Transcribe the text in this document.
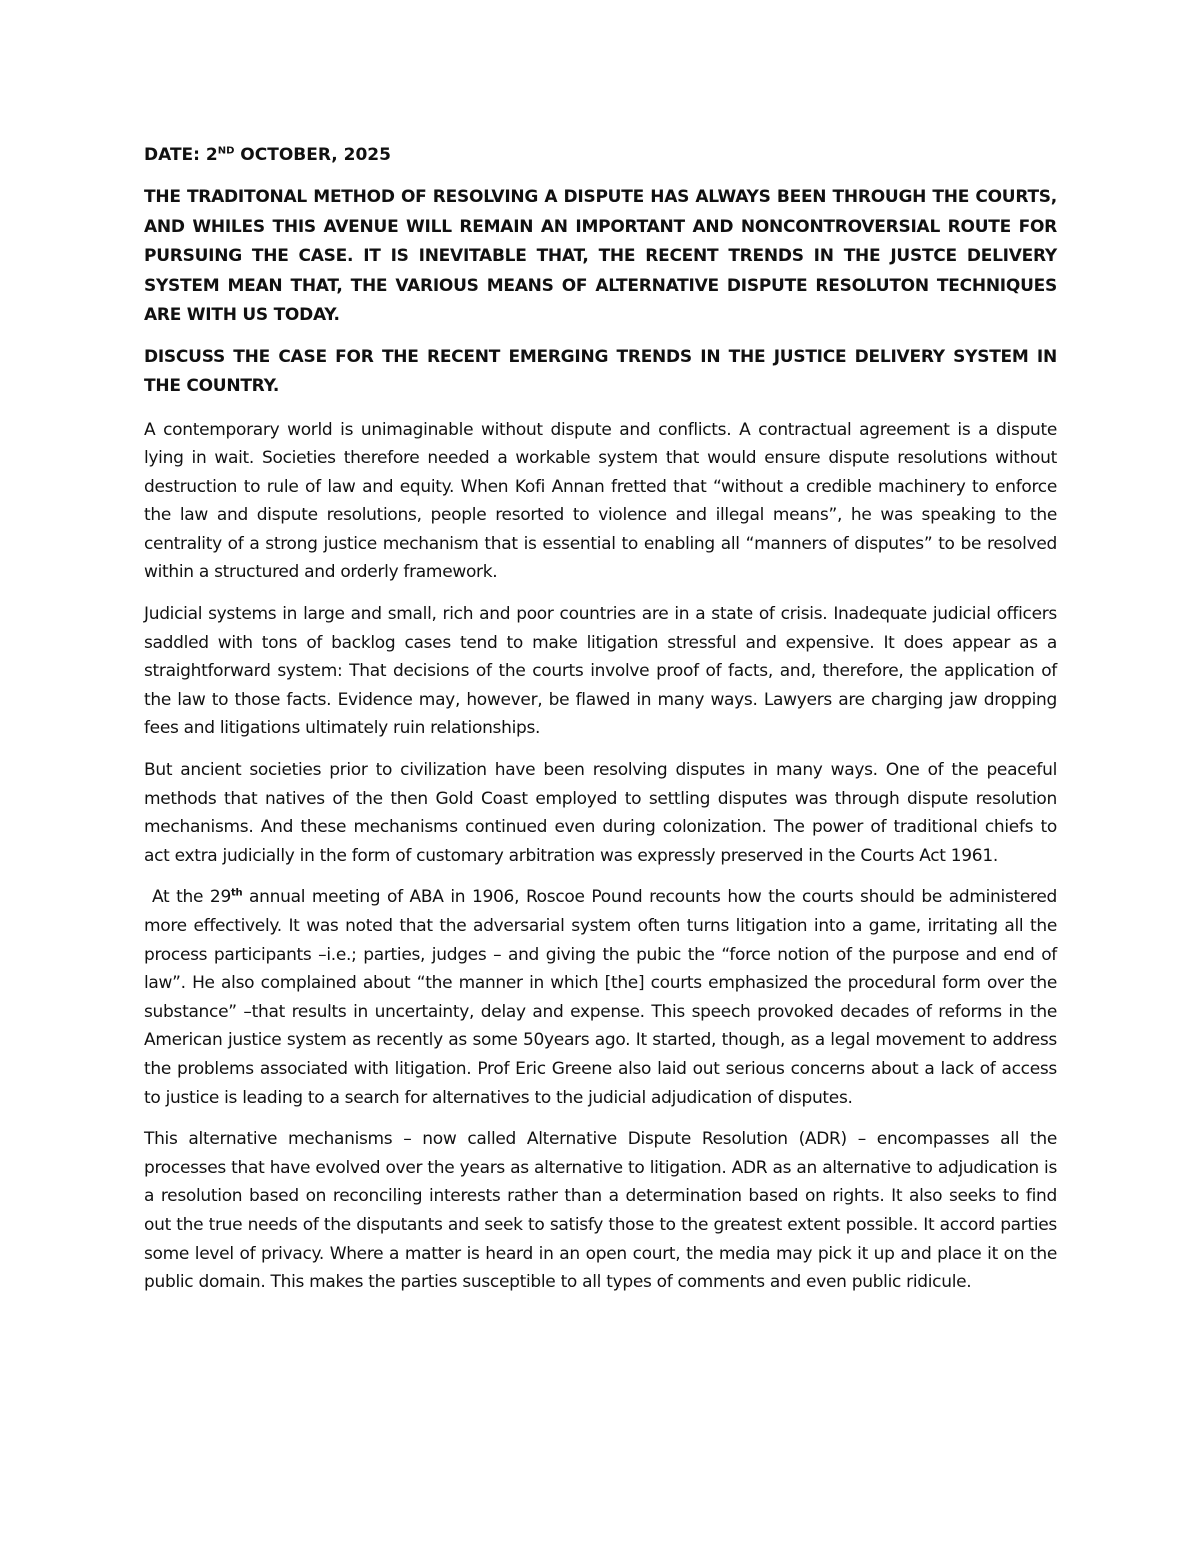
DATE: 2ND OCTOBER, 2025

THE TRADITONAL METHOD OF RESOLVING A DISPUTE HAS ALWAYS BEEN THROUGH THE COURTS, AND WHILES THIS AVENUE WILL REMAIN AN IMPORTANT AND NONCONTROVERSIAL ROUTE FOR PURSUING THE CASE. IT IS INEVITABLE THAT, THE RECENT TRENDS IN THE JUSTCE DELIVERY SYSTEM MEAN THAT, THE VARIOUS MEANS OF ALTERNATIVE DISPUTE RESOLUTON TECHNIQUES ARE WITH US TODAY.

DISCUSS THE CASE FOR THE RECENT EMERGING TRENDS IN THE JUSTICE DELIVERY SYSTEM IN THE COUNTRY.

A contemporary world is unimaginable without dispute and conflicts. A contractual agreement is a dispute lying in wait. Societies therefore needed a workable system that would ensure dispute resolutions without destruction to rule of law and equity. When Kofi Annan fretted that “without a credible machinery to enforce the law and dispute resolutions, people resorted to violence and illegal means”, he was speaking to the centrality of a strong justice mechanism that is essential to enabling all “manners of disputes” to be resolved within a structured and orderly framework.

Judicial systems in large and small, rich and poor countries are in a state of crisis. Inadequate judicial officers saddled with tons of backlog cases tend to make litigation stressful and expensive. It does appear as a straightforward system: That decisions of the courts involve proof of facts, and, therefore, the application of the law to those facts. Evidence may, however, be flawed in many ways. Lawyers are charging jaw dropping fees and litigations ultimately ruin relationships.

But ancient societies prior to civilization have been resolving disputes in many ways. One of the peaceful methods that natives of the then Gold Coast employed to settling disputes was through dispute resolution mechanisms. And these mechanisms continued even during colonization. The power of traditional chiefs to act extra judicially in the form of customary arbitration was expressly preserved in the Courts Act 1961.

At the 29th annual meeting of ABA in 1906, Roscoe Pound recounts how the courts should be administered more effectively. It was noted that the adversarial system often turns litigation into a game, irritating all the process participants –i.e.; parties, judges – and giving the pubic the “force notion of the purpose and end of law”. He also complained about “the manner in which [the] courts emphasized the procedural form over the substance” –that results in uncertainty, delay and expense. This speech provoked decades of reforms in the American justice system as recently as some 50years ago. It started, though, as a legal movement to address the problems associated with litigation. Prof Eric Greene also laid out serious concerns about a lack of access to justice is leading to a search for alternatives to the judicial adjudication of disputes.

This alternative mechanisms – now called Alternative Dispute Resolution (ADR) – encompasses all the processes that have evolved over the years as alternative to litigation. ADR as an alternative to adjudication is a resolution based on reconciling interests rather than a determination based on rights. It also seeks to find out the true needs of the disputants and seek to satisfy those to the greatest extent possible. It accord parties some level of privacy. Where a matter is heard in an open court, the media may pick it up and place it on the public domain. This makes the parties susceptible to all types of comments and even public ridicule.
